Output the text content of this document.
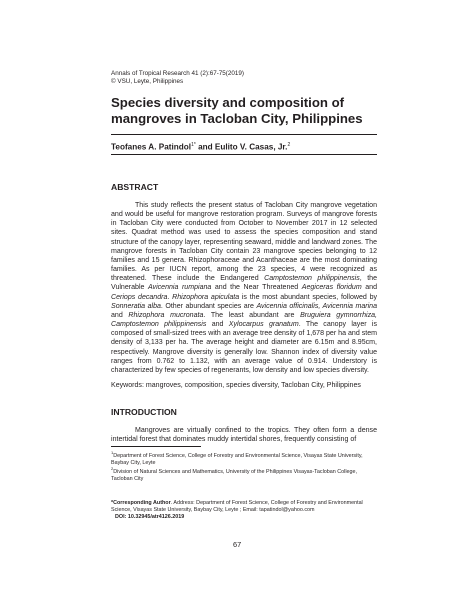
Annals of Tropical Research 41 (2):67-75(2019)
© VSU, Leyte, Philippines
Species diversity and composition of mangroves in Tacloban City, Philippines
Teofanes A. Patindol$^{1*}$ and Eulito V. Casas, Jr.$^2$
ABSTRACT

This study reflects the present status of Tacloban City mangrove vegetation and would be useful for mangrove restoration program. Surveys of mangrove forests in Tacloban City were conducted from October to November 2017 in 12 selected sites. Quadrat method was used to assess the species composition and stand structure of the canopy layer, representing seaward, middle and landward zones. The mangrove forests in Tacloban City contain 23 mangrove species belonging to 12 families and 15 genera. Rhizophoraceae and Acanthaceae are the most dominating families. As per IUCN report, among the 23 species, 4 were recognized as threatened. These include the Endangered Camptostemon philippinensis, the Vulnerable Avicennia rumpiana and the Near Threatened Aegiceras floridum and Ceriops decandra. Rhizophora apiculata is the most abundant species, followed by Sonneratia alba. Other abundant species are Avicennia officinalis, Avicennia marina and Rhizophora mucronata. The least abundant are Bruguiera gymnorrhiza, Camptostemon philippinensis and Xylocarpus granatum. The canopy layer is composed of small-sized trees with an average tree density of 1,678 per ha and stem density of 3,133 per ha. The average height and diameter are 6.15m and 8.95cm, respectively. Mangrove diversity is generally low. Shannon index of diversity value ranges from 0.762 to 1.132, with an average value of 0.914. Understory is characterized by few species of regenerants, low density and low species diversity.

Keywords: mangroves, composition, species diversity, Tacloban City, Philippines
INTRODUCTION

Mangroves are virtually confined to the tropics. They often form a dense intertidal forest that dominates muddy intertidal shores, frequently consisting of

$^1$Department of Forest Science, College of Forestry and Environmental Science, Visayas State University, Baybay City, Leyte
$^2$Division of Natural Sciences and Mathematics, University of the Philippines Visayas-Tacloban College, Tacloban City
*Corresponding Author. Address: Department of Forest Science, College of Forestry and Environmental Science, Visayas State University, Baybay City, Leyte ; Email: tapatindol@yahoo.com
DOI: 10.32945/atr4126.2019
67
